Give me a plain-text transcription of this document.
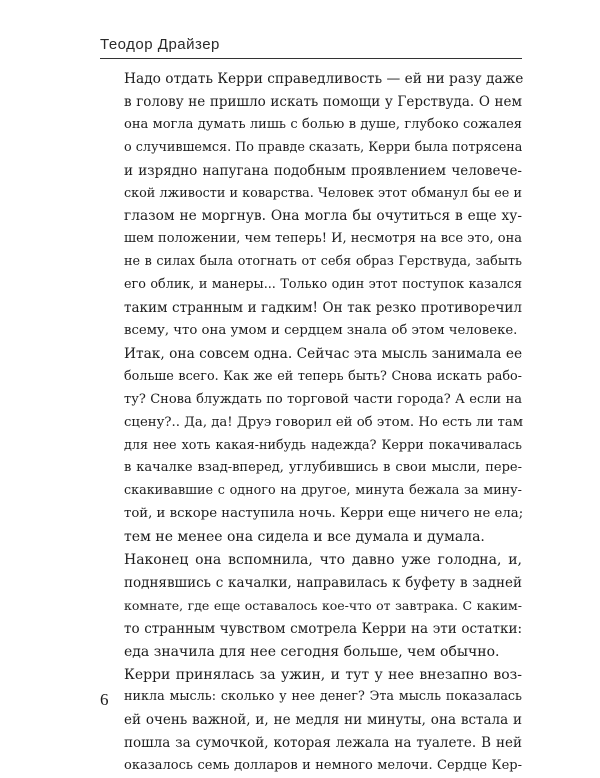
Теодор Драйзер

Надо отдать Керри справедливость — ей ни разу даже
в голову не пришло искать помощи у Герствуда. О нем
она могла думать лишь с болью в душе, глубоко сожалея
о случившемся. По правде сказать, Керри была потрясена
и изрядно напугана подобным проявлением человече-
ской лживости и коварства. Человек этот обманул бы ее и
глазом не моргнув. Она могла бы очутиться в еще ху-
шем положении, чем теперь! И, несмотря на все это, она
не в силах была отогнать от себя образ Герствуда, забыть
его облик, и манеры... Только один этот поступок казался
таким странным и гадким! Он так резко противоречил
всему, что она умом и сердцем знала об этом человеке.

Итак, она совсем одна. Сейчас эта мысль занимала ее
больше всего. Как же ей теперь быть? Снова искать рабо-
ту? Снова блуждать по торговой части города? А если на
сцену?.. Да, да! Друэ говорил ей об этом. Но есть ли там
для нее хоть какая-нибудь надежда? Керри покачивалась
в качалке взад-вперед, углубившись в свои мысли, пере-
скакивавшие с одного на другое, минута бежала за мину-
той, и вскоре наступила ночь. Керри еще ничего не ела;
тем не менее она сидела и все думала и думала.

Наконец она вспомнила, что давно уже голодна, и,
поднявшись с качалки, направилась к буфету в задней
комнате, где еще оставалось кое-что от завтрака. С каким-
то странным чувством смотрела Керри на эти остатки:
еда значила для нее сегодня больше, чем обычно.

Керри принялась за ужин, и тут у нее внезапно воз-
никла мысль: сколько у нее денег? Эта мысль показалась
ей очень важной, и, не медля ни минуты, она встала и
пошла за сумочкой, которая лежала на туалете. В ней
оказалось семь долларов и немного мелочи. Сердце Кер-

6
